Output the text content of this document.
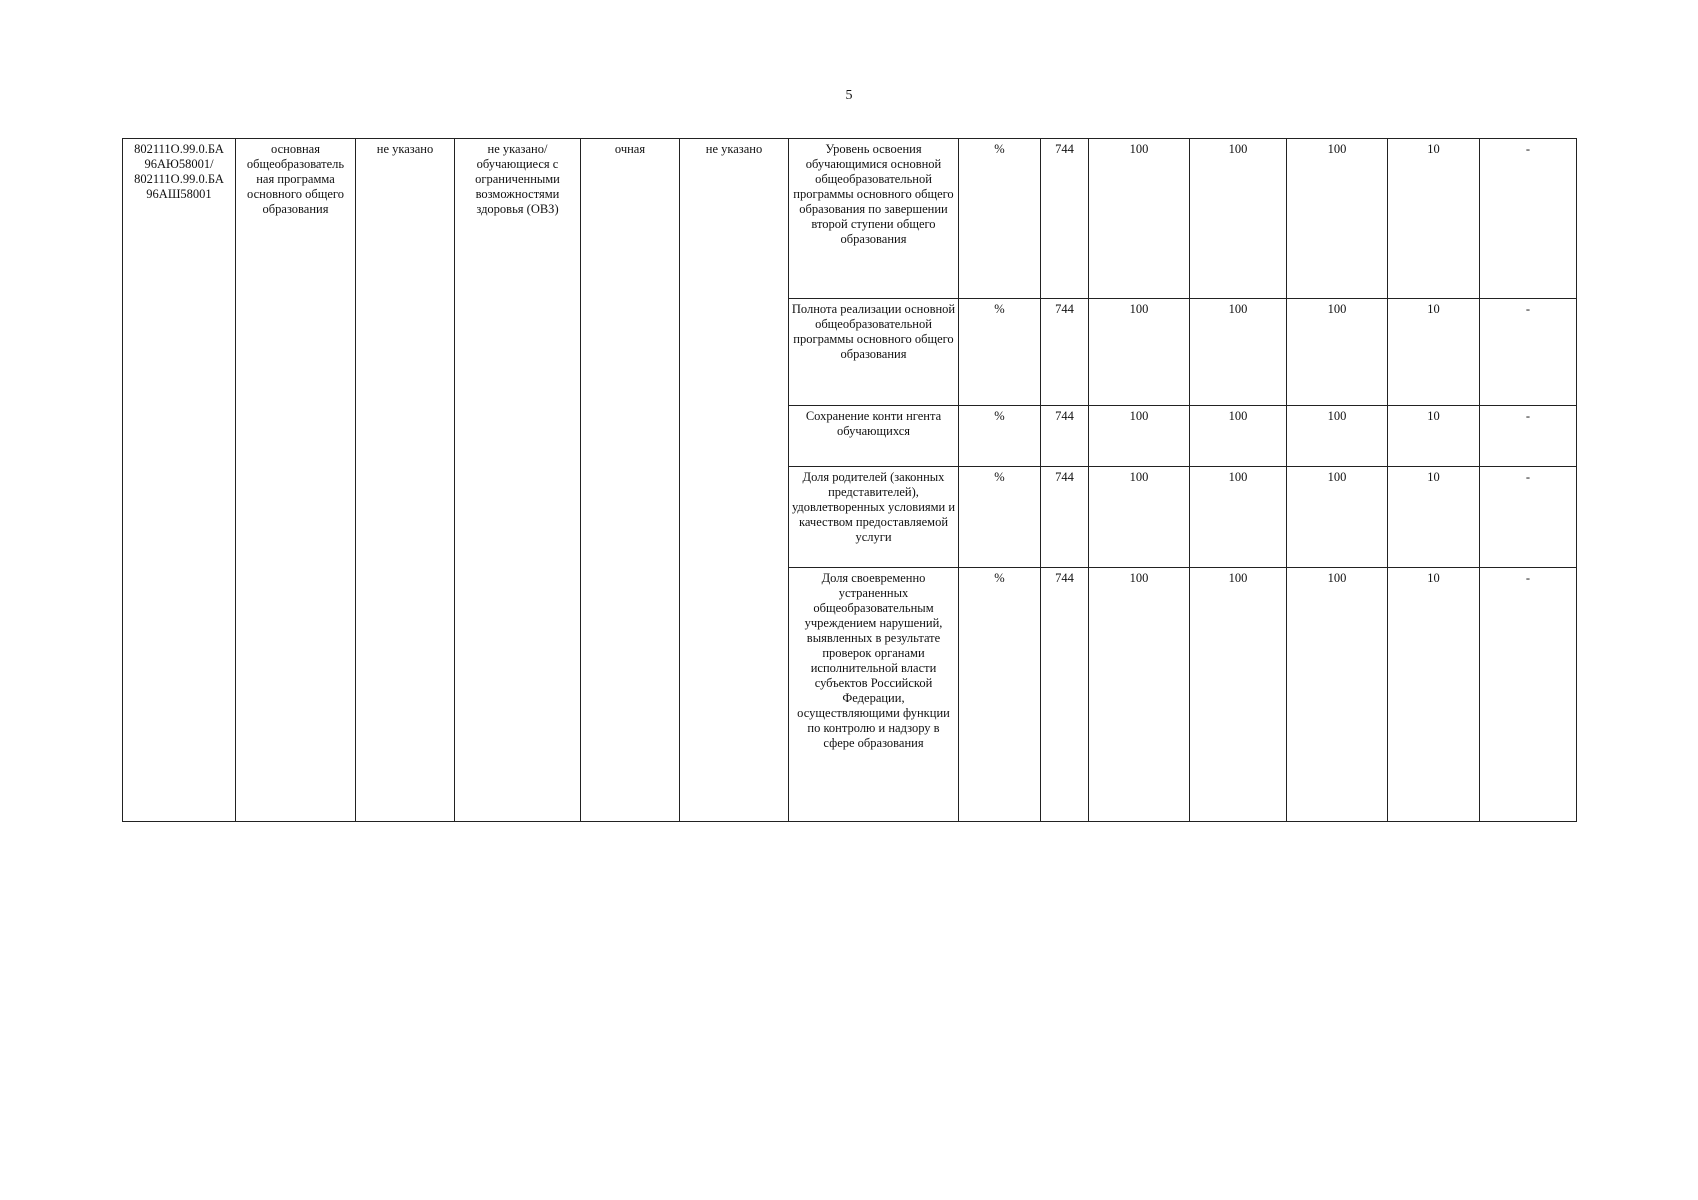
5
802111О.99.0.БА 96АЮ58001/ 802111О.99.0.БА 96АШ58001	основная общеобразователь ная программа основного общего образования	не указано	не указано/ обучающиеся с ограниченными возможностями здоровья (ОВЗ)	очная	не указано	Уровень освоения обучающимися основной общеобразовательной программы основного общего образования по завершении второй ступени общего образования	%	744	100	100	100	10	-
						Полнота реализации основной общеобразовательной программы основного общего образования	%	744	100	100	100	10	-
						Сохранение конти нгента обучающихся	%	744	100	100	100	10	-
						Доля родителей (законных представителей), удовлетворенных условиями и качеством предоставляемой услуги	%	744	100	100	100	10	-
						Доля своевременно устраненных общеобразовательным учреждением нарушений, выявленных в результате проверок органами исполнительной власти субъектов Российской Федерации, осуществляющими функции по контролю и надзору в сфере образования	%	744	100	100	100	10	-
